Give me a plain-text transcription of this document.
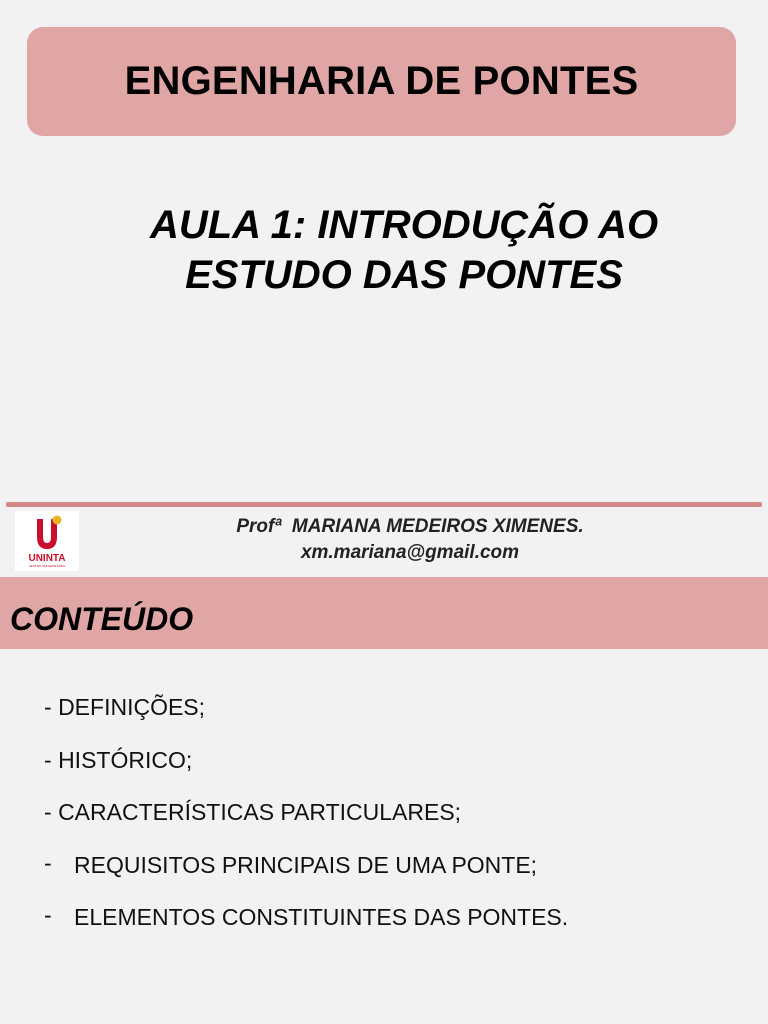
ENGENHARIA DE PONTES
AULA 1: INTRODUÇÃO AO
ESTUDO DAS PONTES
UNINTA
CENTRO UNIVERSITÁRIO
Profª  MARIANA MEDEIROS XIMENES.
xm.mariana@gmail.com
CONTEÚDO
- DEFINIÇÕES;
- HISTÓRICO;
- CARACTERÍSTICAS PARTICULARES;
- REQUISITOS PRINCIPAIS DE UMA PONTE;
- ELEMENTOS CONSTITUINTES DAS PONTES.
